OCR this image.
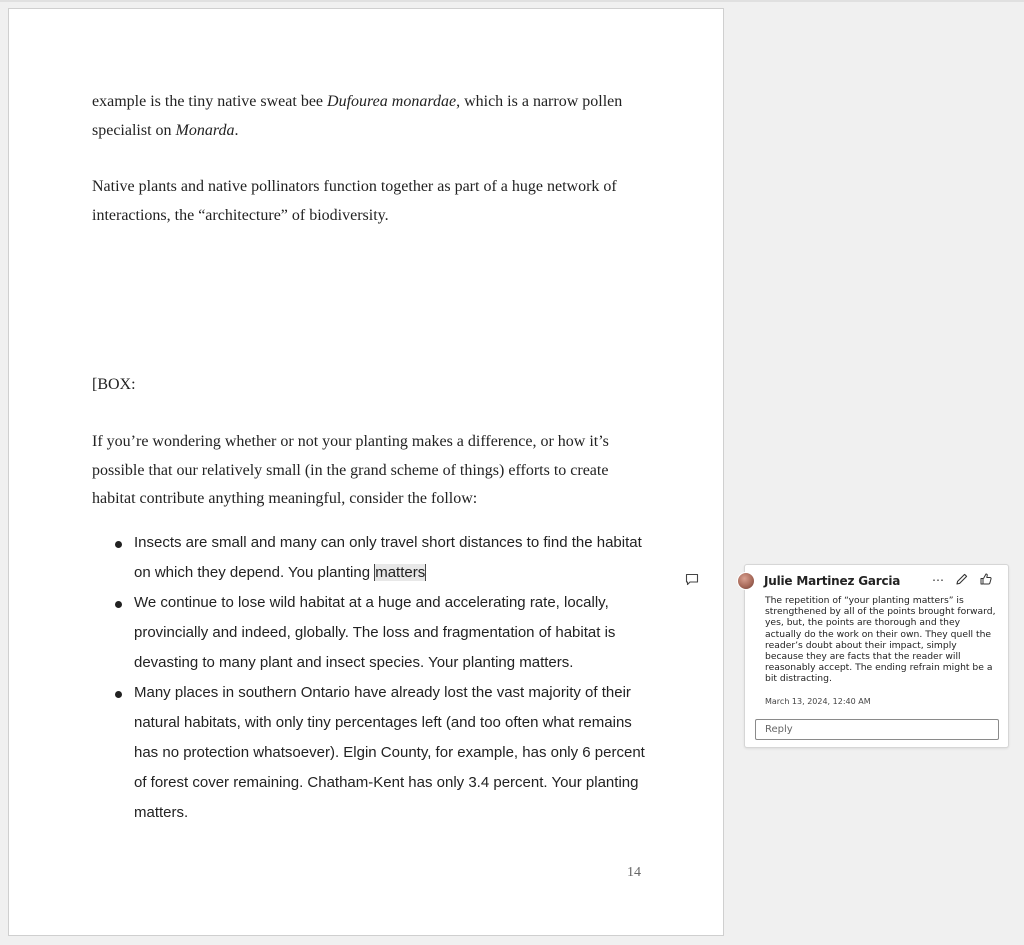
example is the tiny native sweat bee Dufourea monardae, which is a narrow pollen specialist on Monarda.

Native plants and native pollinators function together as part of a huge network of interactions, the “architecture” of biodiversity.

[BOX:

If you’re wondering whether or not your planting makes a difference, or how it’s possible that our relatively small (in the grand scheme of things) efforts to create habitat contribute anything meaningful, consider the follow:

Insects are small and many can only travel short distances to find the habitat on which they depend. You planting matters
We continue to lose wild habitat at a huge and accelerating rate, locally, provincially and indeed, globally. The loss and fragmentation of habitat is devasting to many plant and insect species. Your planting matters.
Many places in southern Ontario have already lost the vast majority of their natural habitats, with only tiny percentages left (and too often what remains has no protection whatsoever). Elgin County, for example, has only 6 percent of forest cover remaining. Chatham-Kent has only 3.4 percent. Your planting matters.
14
Julie Martinez Garcia	⋯

The repetition of “your planting matters” is strengthened by all of the points brought forward, yes, but, the points are thorough and they actually do the work on their own. They quell the reader’s doubt about their impact, simply because they are facts that the reader will reasonably accept. The ending refrain might be a bit distracting.

March 13, 2024, 12:40 AM
Reply
